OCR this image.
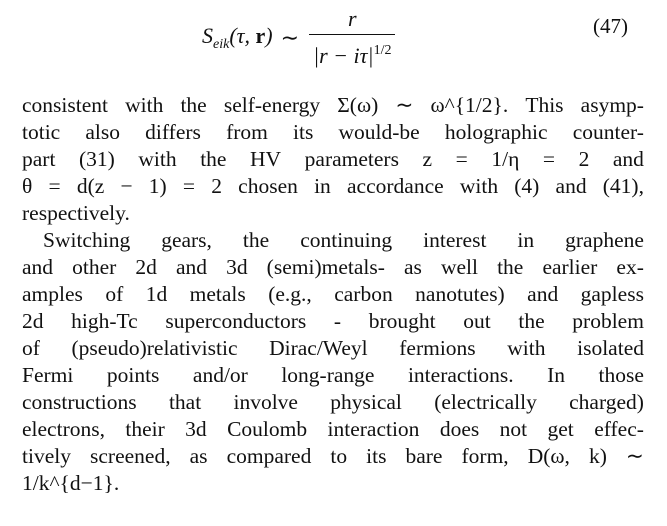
$S_{eik}(\tau$, r) ∼ $\frac{r}{|r - i\tau|^{1/2}}$	(47)
consistent with the self-energy Σ(ω) ∼ ω^{1/2}. This asymp-
totic also differs from its would-be holographic counter-
part (31) with the HV parameters z = 1/η = 2 and
θ = d(z − 1) = 2 chosen in accordance with (4) and (41),
respectively.
Switching gears, the continuing interest in graphene
and other 2d and 3d (semi)metals- as well the earlier ex-
amples of 1d metals (e.g., carbon nanotutes) and gapless
2d high-Tc superconductors - brought out the problem
of (pseudo)relativistic Dirac/Weyl fermions with isolated
Fermi points and/or long-range interactions. In those
constructions that involve physical (electrically charged)
electrons, their 3d Coulomb interaction does not get effec-
tively screened, as compared to its bare form, D(ω, k) ∼
1/k^{d−1}.
